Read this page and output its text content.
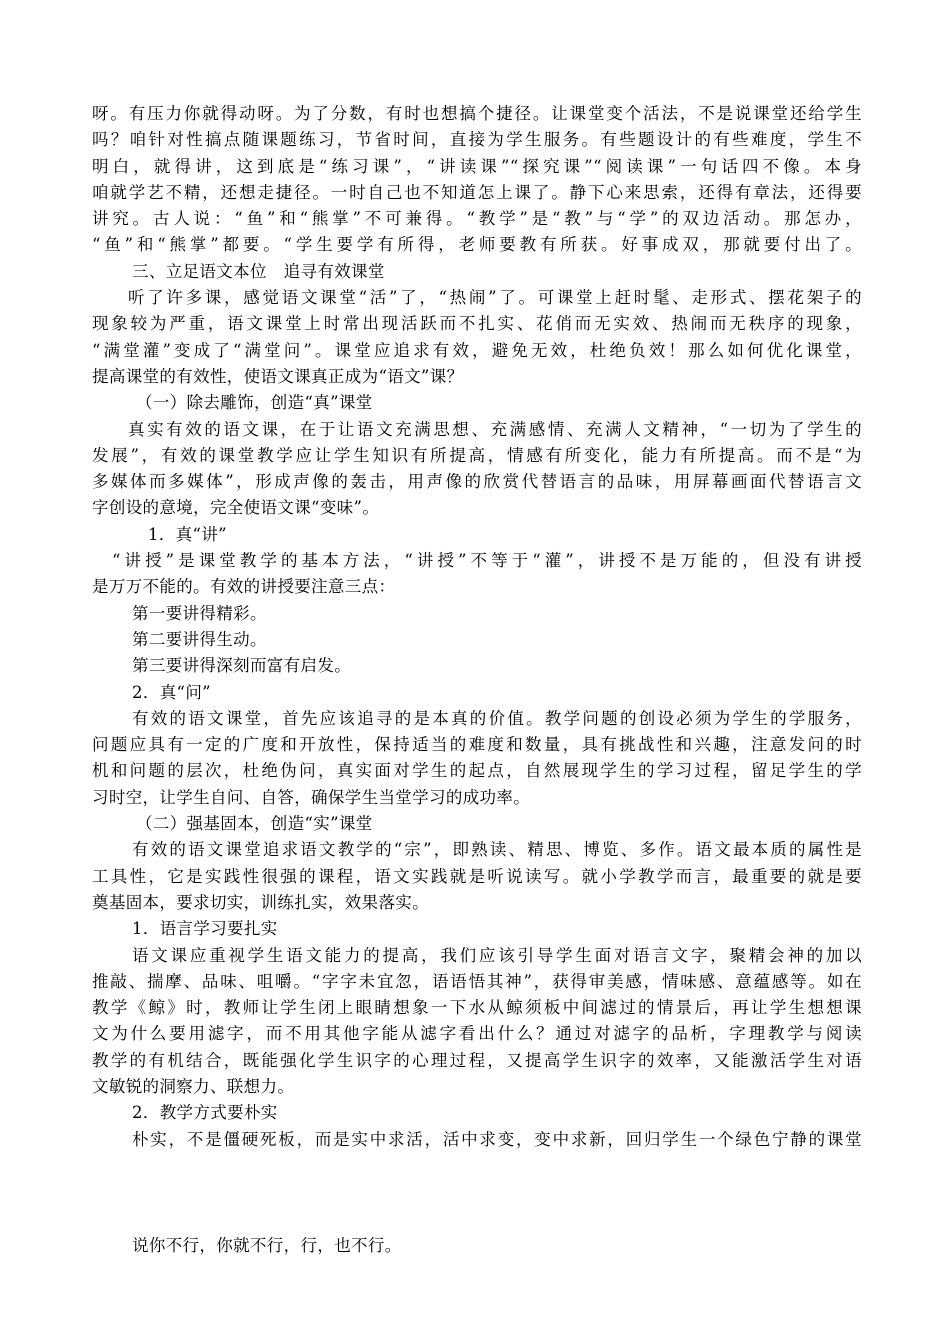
呀。有压力你就得动呀。为了分数，有时也想搞个捷径。让课堂变个活法，不是说课堂还给学生
吗？咱针对性搞点随课题练习，节省时间，直接为学生服务。有些题设计的有些难度，学生不
明白，就得讲，这到底是“练习课”，“讲读课”“探究课”“阅读课”一句话四不像。本身
咱就学艺不精，还想走捷径。一时自己也不知道怎上课了。静下心来思索，还得有章法，还得要
讲究。古人说：“鱼”和“熊掌”不可兼得。“教学”是“教”与“学”的双边活动。那怎办，
“鱼”和“熊掌”都要。“学生要学有所得，老师要教有所获。好事成双，那就要付出了。
三、立足语文本位　追寻有效课堂
听了许多课，感觉语文课堂“活”了，“热闹”了。可课堂上赶时髦、走形式、摆花架子的
现象较为严重，语文课堂上时常出现活跃而不扎实、花俏而无实效、热闹而无秩序的现象，
“满堂灌”变成了“满堂问”。课堂应追求有效，避免无效，杜绝负效！那么如何优化课堂，
提高课堂的有效性，使语文课真正成为“语文”课？
（一）除去雕饰，创造“真”课堂
真实有效的语文课，在于让语文充满思想、充满感情、充满人文精神，“一切为了学生的
发展”，有效的课堂教学应让学生知识有所提高，情感有所变化，能力有所提高。而不是“为
多媒体而多媒体”，形成声像的轰击，用声像的欣赏代替语言的品味，用屏幕画面代替语言文
字创设的意境，完全使语文课“变味”。
1．真“讲”
“讲授”是课堂教学的基本方法，“讲授”不等于“灌”，讲授不是万能的，但没有讲授
是万万不能的。有效的讲授要注意三点：
第一要讲得精彩。
第二要讲得生动。
第三要讲得深刻而富有启发。
2．真“问”
有效的语文课堂，首先应该追寻的是本真的价值。教学问题的创设必须为学生的学服务，
问题应具有一定的广度和开放性，保持适当的难度和数量，具有挑战性和兴趣，注意发问的时
机和问题的层次，杜绝伪问，真实面对学生的起点，自然展现学生的学习过程，留足学生的学
习时空，让学生自问、自答，确保学生当堂学习的成功率。
（二）强基固本，创造“实”课堂
有效的语文课堂追求语文教学的“宗”，即熟读、精思、博览、多作。语文最本质的属性是
工具性，它是实践性很强的课程，语文实践就是听说读写。就小学教学而言，最重要的就是要
奠基固本，要求切实，训练扎实，效果落实。
1．语言学习要扎实
语文课应重视学生语文能力的提高，我们应该引导学生面对语言文字，聚精会神的加以
推敲、揣摩、品味、咀嚼。“字字未宜忽，语语悟其神”，获得审美感，情味感、意蕴感等。如在
教学《鲸》时，教师让学生闭上眼睛想象一下水从鲸须板中间滤过的情景后，再让学生想想课
文为什么要用滤字，而不用其他字能从滤字看出什么？通过对滤字的品析，字理教学与阅读
教学的有机结合，既能强化学生识字的心理过程，又提高学生识字的效率，又能激活学生对语
文敏锐的洞察力、联想力。
2．教学方式要朴实
朴实，不是僵硬死板，而是实中求活，活中求变，变中求新，回归学生一个绿色宁静的课堂
说你不行，你就不行，行，也不行。
